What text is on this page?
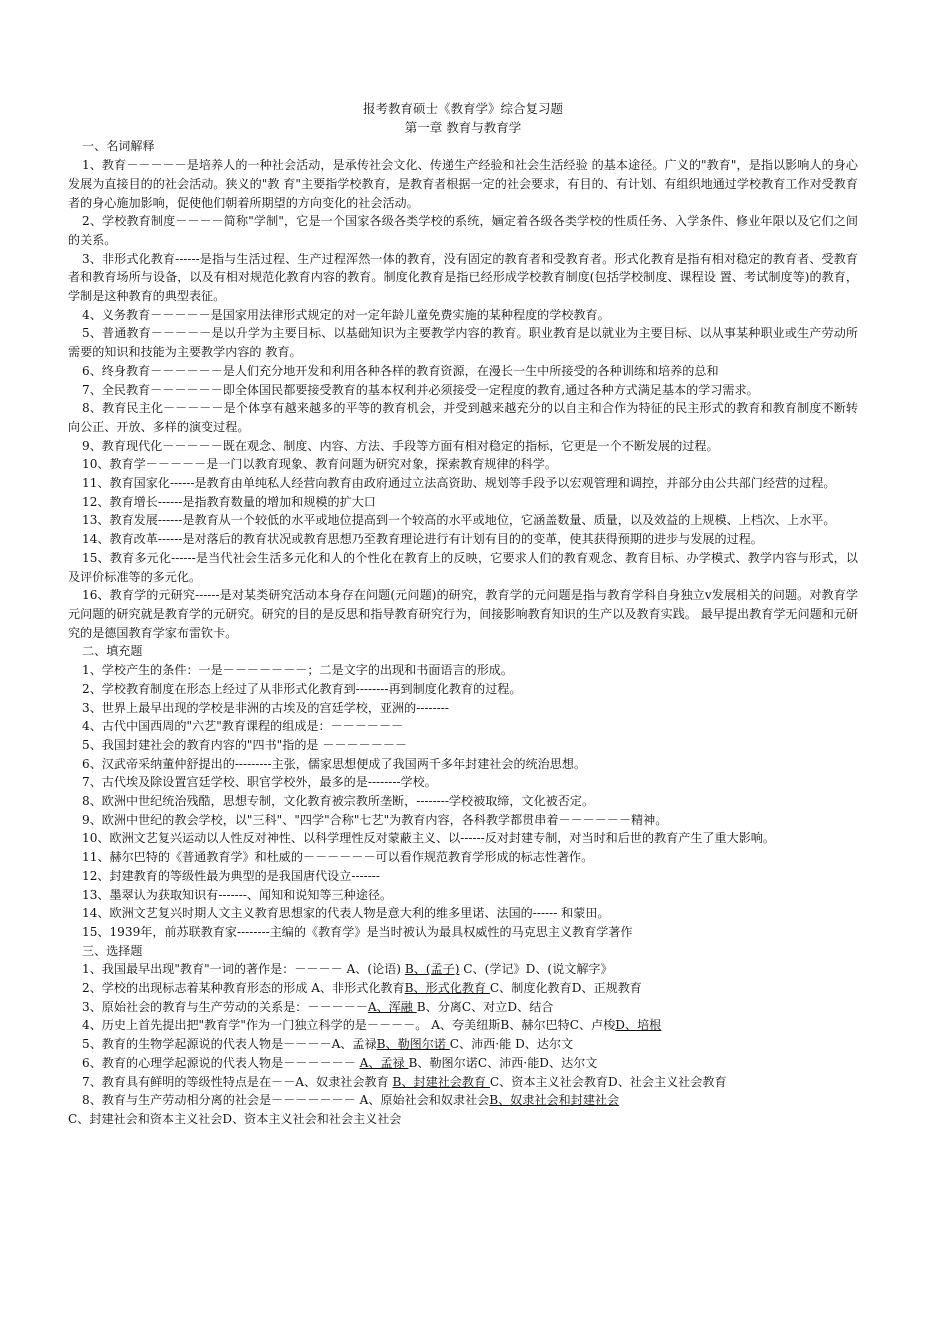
报考教育硕士《教育学》综合复习题

第一章 教育与教育学

一、名词解释

1、教育－－－－－是培养人的一种社会活动，是承传社会文化、传递生产经验和社会生活经验 的基本途径。广义的"教育"，是指以影响人的身心发展为直接目的的社会活动。狭义的"教 育"主要指学校教育，是教育者根据一定的社会要求，有目的、有计划、有组织地通过学校教育工作对受教育者的身心施加影响，促使他们朝着所期望的方向变化的社会活动。

2、学校教育制度－－－－简称"学制"，它是一个国家各级各类学校的系统，婳定着各级各类学校的性质任务、入学条件、修业年限以及它们之间的关系。

3、非形式化教育------是指与生活过程、生产过程浑然一体的教育，没有固定的教育者和受教育者。形式化教育是指有相对稳定的教育者、受教育者和教育场所与设备，以及有相对规范化教育内容的教育。制度化教育是指已经形成学校教育制度(包括学校制度、课程设 置、考试制度等)的教育，学制是这种教育的典型表征。

4、义务教育－－－－－是国家用法律形式规定的对一定年龄儿童免费实施的某种程度的学校教育。

5、普通教育－－－－－是以升学为主要目标、以基础知识为主要教学内容的教育。职业教育是以就业为主要目标、以从事某种职业或生产劳动所需要的知识和技能为主要教学内容的 教育。

6、终身教育－－－－－－是人们充分地开发和利用各种各样的教育资源，在漫长一生中所接受的各种训练和培养的总和

7、全民教育－－－－－－即全体国民都要接受教育的基本权利并必须接受一定程度的教育,通过各种方式满足基本的学习需求。

8、教育民主化－－－－－是个体享有越来越多的平等的教育机会，并受到越来越充分的以自主和合作为特征的民主形式的教育和教育制度不断转向公正、开放、多样的演变过程。

9、教育现代化－－－－－既在观念、制度、内容、方法、手段等方面有相对稳定的指标，它更是一个不断发展的过程。

10、教育学－－－－－是一门以教育现象、教育问题为研究对象，探索教育规律的科学。

11、教育国家化------是教育由单纯私人经营向教育由政府通过立法高资助、规划等手段予以宏观管理和调控，并部分由公共部门经营的过程。

12、教育增长------是指教育数量的增加和规模的扩大口

13、教育发展------是教育从一个较低的水平或地位提高到一个较高的水平或地位，它涵盖数量、质量，以及效益的上规模、上档次、上水平。

14、教育改革------是对落后的教育状况或教育思想乃至教育理论进行有计划有目的的变革，使其获得预期的进步与发展的过程。

15、教育多元化------是当代社会生活多元化和人的个性化在教育上的反映，它要求人们的教育观念、教育目标、办学模式、教学内容与形式，以及评价标准等的多元化。

16、教育学的元研究------是对某类研究活动本身存在问题(元问题)的研究，教育学的元问题是指与教育学科自身独立v发展相关的问题。对教育学元问题的研究就是教育学的元研究。研究的目的是反思和指导教育研究行为，间接影响教育知识的生产以及教育实践。 最早提出教育学无问题和元研究的是德国教育学家布雷钦卡。

二、填充题

1、学校产生的条件：一是－－－－－－－；二是文字的出现和书面语言的形成。

2、学校教育制度在形态上经过了从非形式化教育到--------再到制度化教育的过程。

3、世界上最早出现的学校是非洲的古埃及的宫廷学校，亚洲的--------

4、古代中国西周的"六艺"教育课程的组成是：－－－－－－

5、我国封建社会的教育内容的"四书"指的是 －－－－－－－

6、汉武帝采纳董仲舒提出的---------主张，儒家思想便成了我国两千多年封建社会的统治思想。

7、古代埃及除设置宫廷学校、职官学校外，最多的是--------学校。

8、欧洲中世纪统治残酷，思想专制，文化教育被宗教所垄断，--------学校被取缔，文化被否定。

9、欧洲中世纪的教会学校，以"三科"、"四学"合称"七艺"为教育内容，各科教学都贯串着－－－－－－精神。

10、欧洲文艺复兴运动以人性反对神性、以科学理性反对蒙蔽主义、以------反对封建专制，对当时和后世的教育产生了重大影响。

11、赫尔巴特的《普通教育学》和杜威的－－－－－－可以看作规范教育学形成的标志性著作。

12、封建教育的等级性最为典型的是我国唐代设立-------

13、墨翠认为获取知识有-------、闻知和说知等三种途径。

14、欧洲文艺复兴时期人文主义教育思想家的代表人物是意大利的维多里诺、法国的------ 和蒙田。

15、1939年，前苏联教育家--------主编的《教育学》是当时被认为最具权威性的马克思主义教育学著作

三、选择题

1、我国最早出现"教育"一词的著作是：－－－－ A、(论语) B、(孟子) C、(学记》D、(说文解字》

2、学校的出现标志着某种教育形态的形成 A、非形式化教育B、形式化教育 C、制度化教育D、正规教育

3、原始社会的教育与生产劳动的关系是：－－－－－A、浑融 B、分离C、对立D、结合

4、历史上首先提出把"教育学"作为一门独立科学的是－－－－。 A、夸美纽斯B、赫尔巴特C、卢梭D、培根

5、教育的生物学起源说的代表人物是－－－－A、孟禄B、勒图尔诺 C、沛西·能 D、达尔文

6、教育的心理学起源说的代表人物是－－－－－－ A、孟禄 B、勒图尔诺C、沛西·能D、达尔文

7、教育具有鲜明的等级性特点是在－－A、奴隶社会教育 B、封建社会教育 C、资本主义社会教育D、社会主义社会教育

8、教育与生产劳动相分离的社会是－－－－－－－ A、原始社会和奴隶社会B、奴隶社会和封建社会

C、封建社会和资本主义社会D、资本主义社会和社会主义社会
